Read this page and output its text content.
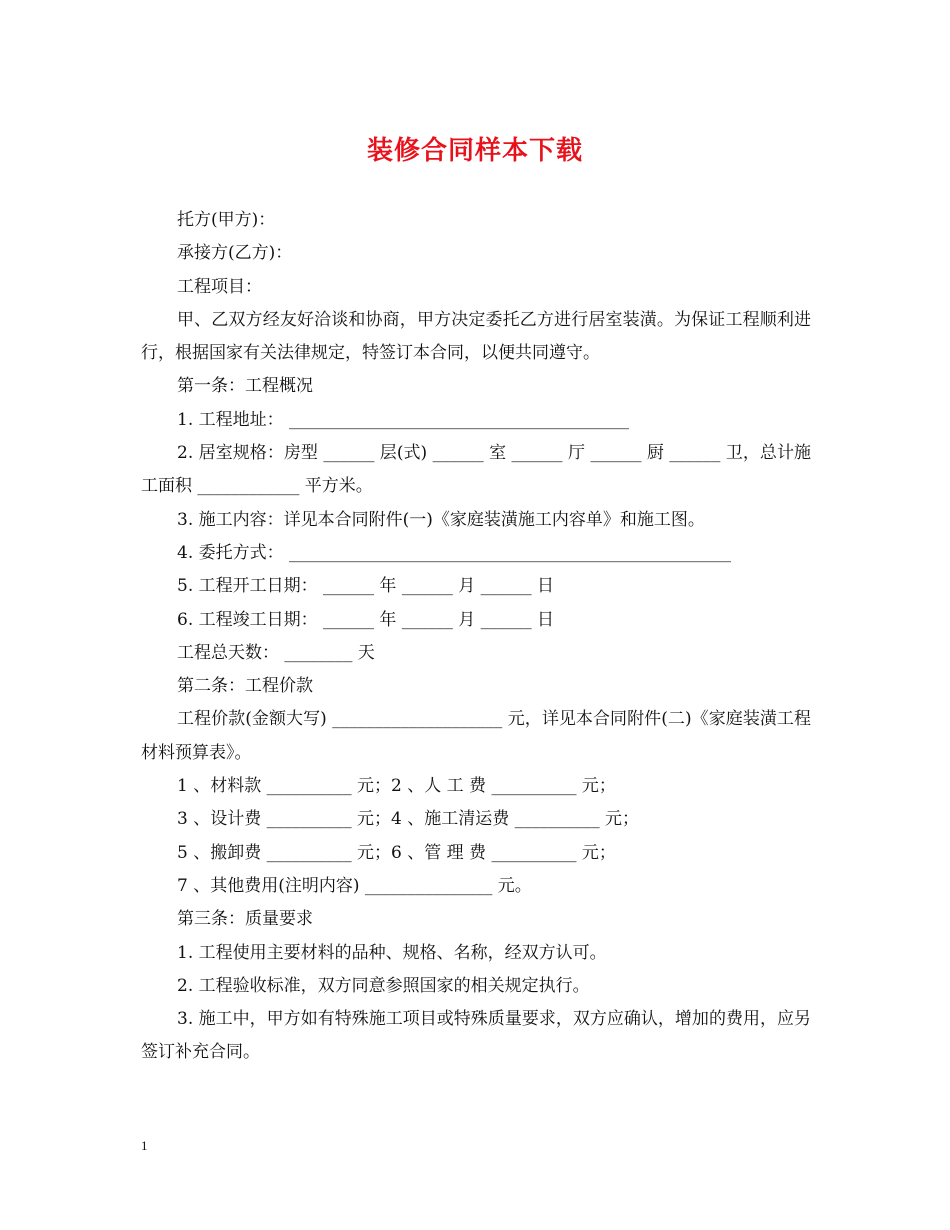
装修合同样本下载
托方(甲方)：
承接方(乙方)：
工程项目：
甲、乙双方经友好洽谈和协商，甲方决定委托乙方进行居室装潢。为保证工程顺利进行，根据国家有关法律规定，特签订本合同，以便共同遵守。
第一条：工程概况
1. 工程地址： ________________________________________
2. 居室规格：房型 ______ 层(式) ______ 室 ______ 厅 ______ 厨 ______ 卫，总计施工面积 ____________ 平方米。
3. 施工内容：详见本合同附件(一)《家庭装潢施工内容单》和施工图。
4. 委托方式： ____________________________________________________
5. 工程开工日期： ______ 年 ______ 月 ______ 日
6. 工程竣工日期： ______ 年 ______ 月 ______ 日
工程总天数： ________ 天
第二条：工程价款
工程价款(金额大写) ____________________ 元，详见本合同附件(二)《家庭装潢工程材料预算表》。
1 、材料款 __________ 元；2 、人 工 费 __________ 元；
3 、设计费 __________ 元；4 、施工清运费 __________ 元；
5 、搬卸费 __________ 元；6 、管 理 费 __________ 元；
7 、其他费用(注明内容) _______________ 元。
第三条：质量要求
1. 工程使用主要材料的品种、规格、名称，经双方认可。
2. 工程验收标准，双方同意参照国家的相关规定执行。
3. 施工中，甲方如有特殊施工项目或特殊质量要求，双方应确认，增加的费用，应另签订补充合同。
1
